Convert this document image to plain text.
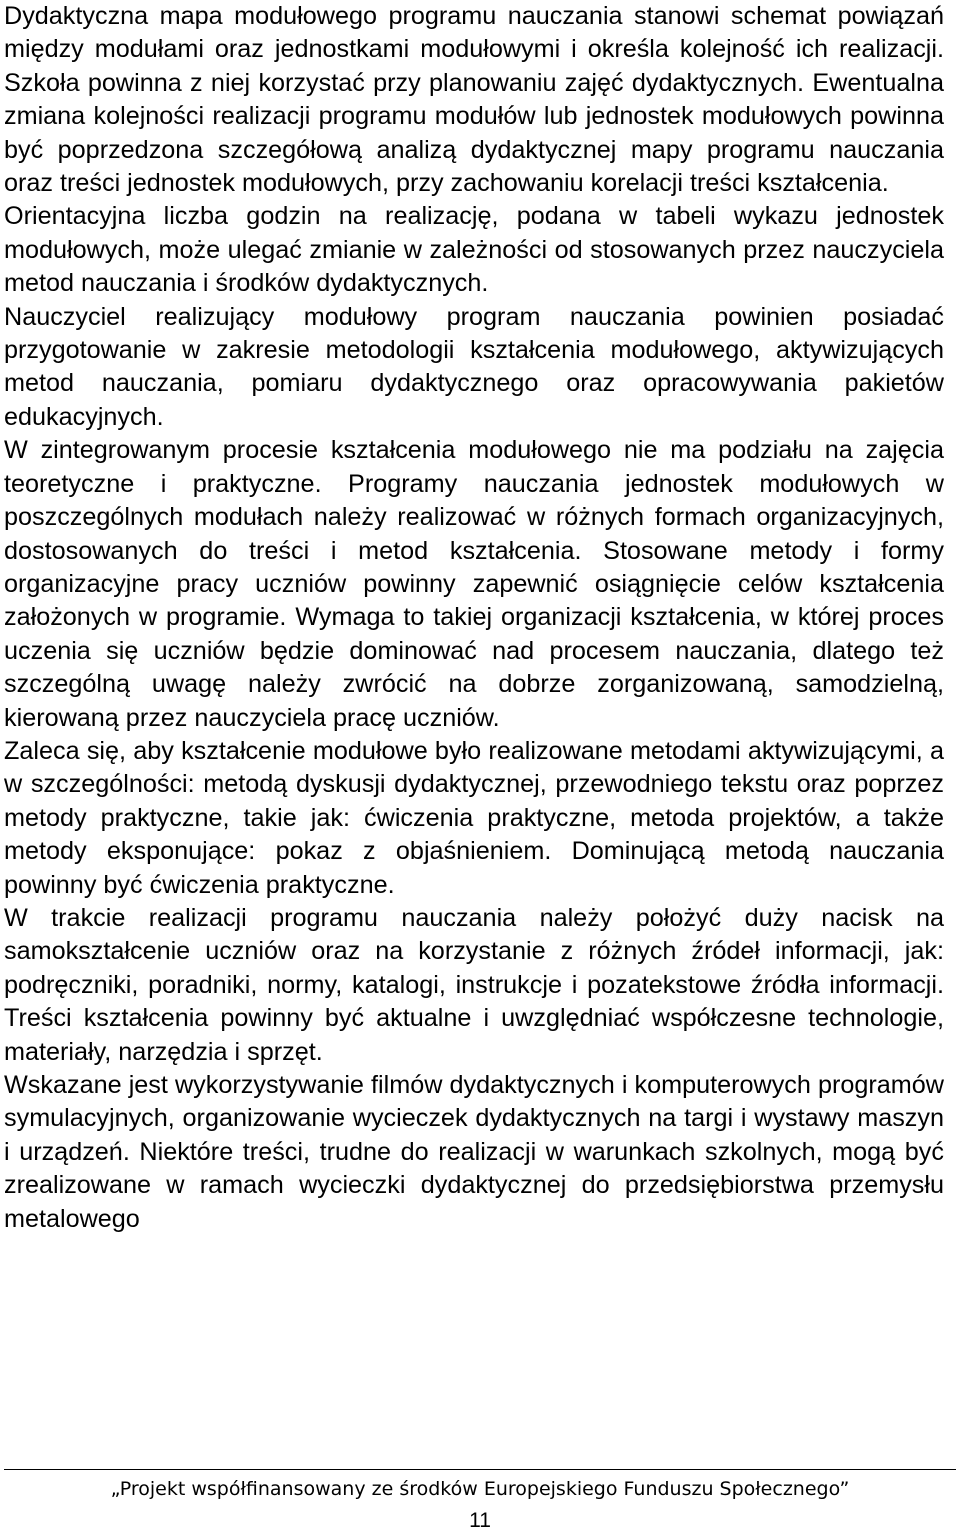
Dydaktyczna mapa modułowego programu nauczania stanowi schemat powiązań między modułami oraz jednostkami modułowymi i określa kolejność ich realizacji. Szkoła powinna z niej korzystać przy planowaniu zajęć dydaktycznych. Ewentualna zmiana kolejności realizacji programu modułów lub jednostek modułowych powinna być poprzedzona szczegółową analizą dydaktycznej mapy programu nauczania oraz treści jednostek modułowych, przy zachowaniu korelacji treści kształcenia.

Orientacyjna liczba godzin na realizację, podana w tabeli wykazu jednostek modułowych, może ulegać zmianie w zależności od stosowanych przez nauczyciela metod nauczania i środków dydaktycznych.

Nauczyciel realizujący modułowy program nauczania powinien posiadać przygotowanie w zakresie metodologii kształcenia modułowego, aktywizujących metod nauczania, pomiaru dydaktycznego oraz opracowywania pakietów edukacyjnych.

W zintegrowanym procesie kształcenia modułowego nie ma podziału na zajęcia teoretyczne i praktyczne. Programy nauczania jednostek modułowych w poszczególnych modułach należy realizować w różnych formach organizacyjnych, dostosowanych do treści i metod kształcenia. Stosowane metody i formy organizacyjne pracy uczniów powinny zapewnić osiągnięcie celów kształcenia założonych w programie. Wymaga to takiej organizacji kształcenia, w której proces uczenia się uczniów będzie dominować nad procesem nauczania, dlatego też szczególną uwagę należy zwrócić na dobrze zorganizowaną, samodzielną, kierowaną przez nauczyciela pracę uczniów.

Zaleca się, aby kształcenie modułowe było realizowane metodami aktywizującymi, a w szczególności: metodą dyskusji dydaktycznej, przewodniego tekstu oraz poprzez metody praktyczne, takie jak: ćwiczenia praktyczne, metoda projektów, a także metody eksponujące: pokaz z objaśnieniem. Dominującą metodą nauczania powinny być ćwiczenia praktyczne.

W trakcie realizacji programu nauczania należy położyć duży nacisk na samokształcenie uczniów oraz na korzystanie z różnych źródeł informacji, jak: podręczniki, poradniki, normy, katalogi, instrukcje i pozatekstowe źródła informacji. Treści kształcenia powinny być aktualne i uwzględniać współczesne technologie, materiały, narzędzia i sprzęt.

Wskazane jest wykorzystywanie filmów dydaktycznych i komputerowych programów symulacyjnych, organizowanie wycieczek dydaktycznych na targi i wystawy maszyn i urządzeń. Niektóre treści, trudne do realizacji w warunkach szkolnych, mogą być zrealizowane w ramach wycieczki dydaktycznej do przedsiębiorstwa przemysłu metalowego

„Projekt współfinansowany ze środków Europejskiego Funduszu Społecznego”
11
